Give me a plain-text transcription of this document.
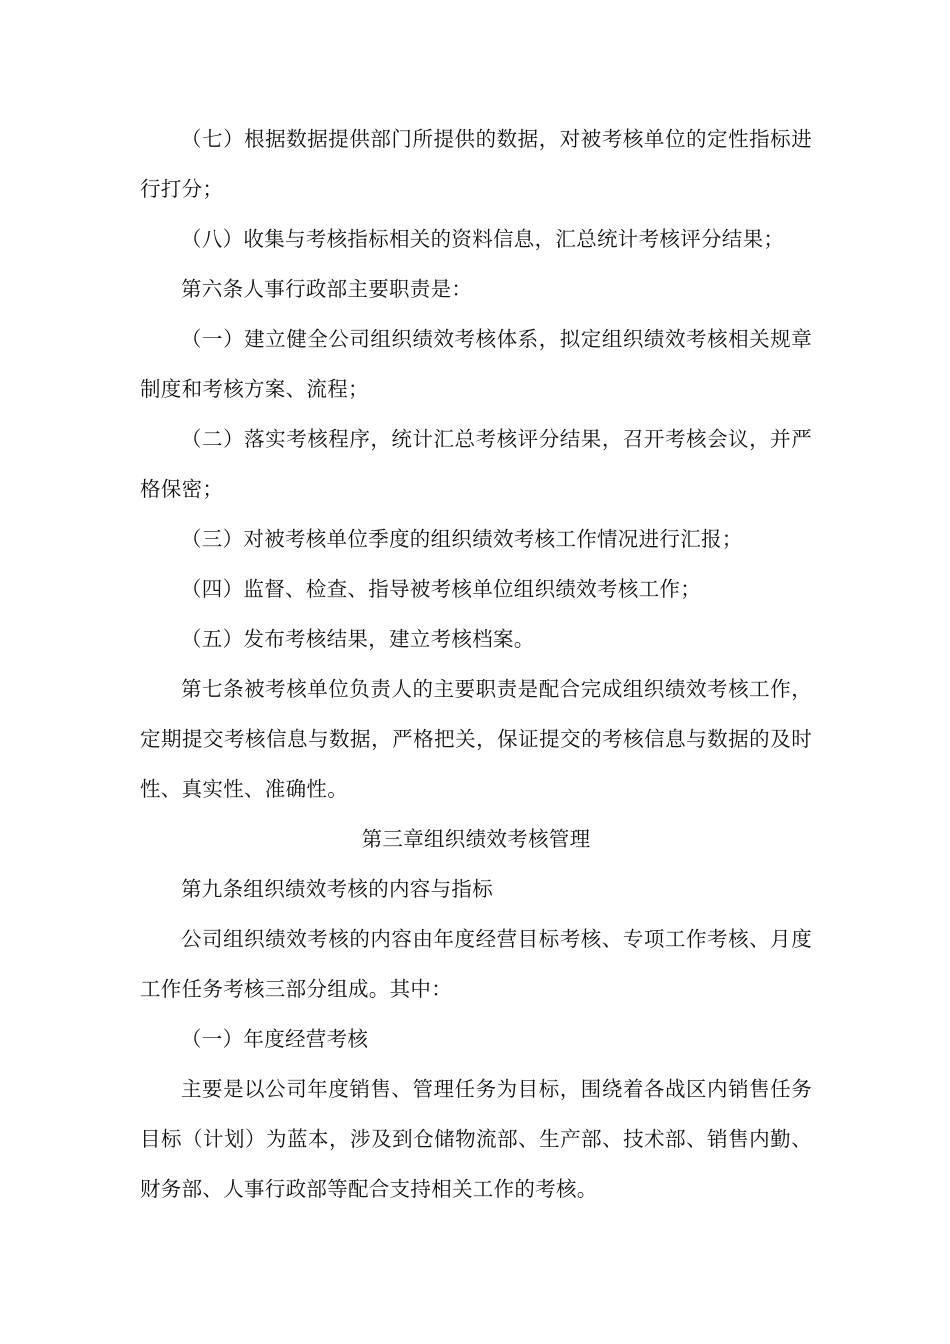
（七）根据数据提供部门所提供的数据，对被考核单位的定性指标进行打分；

（八）收集与考核指标相关的资料信息，汇总统计考核评分结果；

第六条人事行政部主要职责是：

（一）建立健全公司组织绩效考核体系，拟定组织绩效考核相关规章制度和考核方案、流程；

（二）落实考核程序，统计汇总考核评分结果，召开考核会议，并严格保密；

（三）对被考核单位季度的组织绩效考核工作情况进行汇报；

（四）监督、检查、指导被考核单位组织绩效考核工作；

（五）发布考核结果，建立考核档案。

第七条被考核单位负责人的主要职责是配合完成组织绩效考核工作，定期提交考核信息与数据，严格把关，保证提交的考核信息与数据的及时性、真实性、准确性。

第三章组织绩效考核管理

第九条组织绩效考核的内容与指标

公司组织绩效考核的内容由年度经营目标考核、专项工作考核、月度工作任务考核三部分组成。其中：

（一）年度经营考核

主要是以公司年度销售、管理任务为目标，围绕着各战区内销售任务目标（计划）为蓝本，涉及到仓储物流部、生产部、技术部、销售内勤、财务部、人事行政部等配合支持相关工作的考核。
